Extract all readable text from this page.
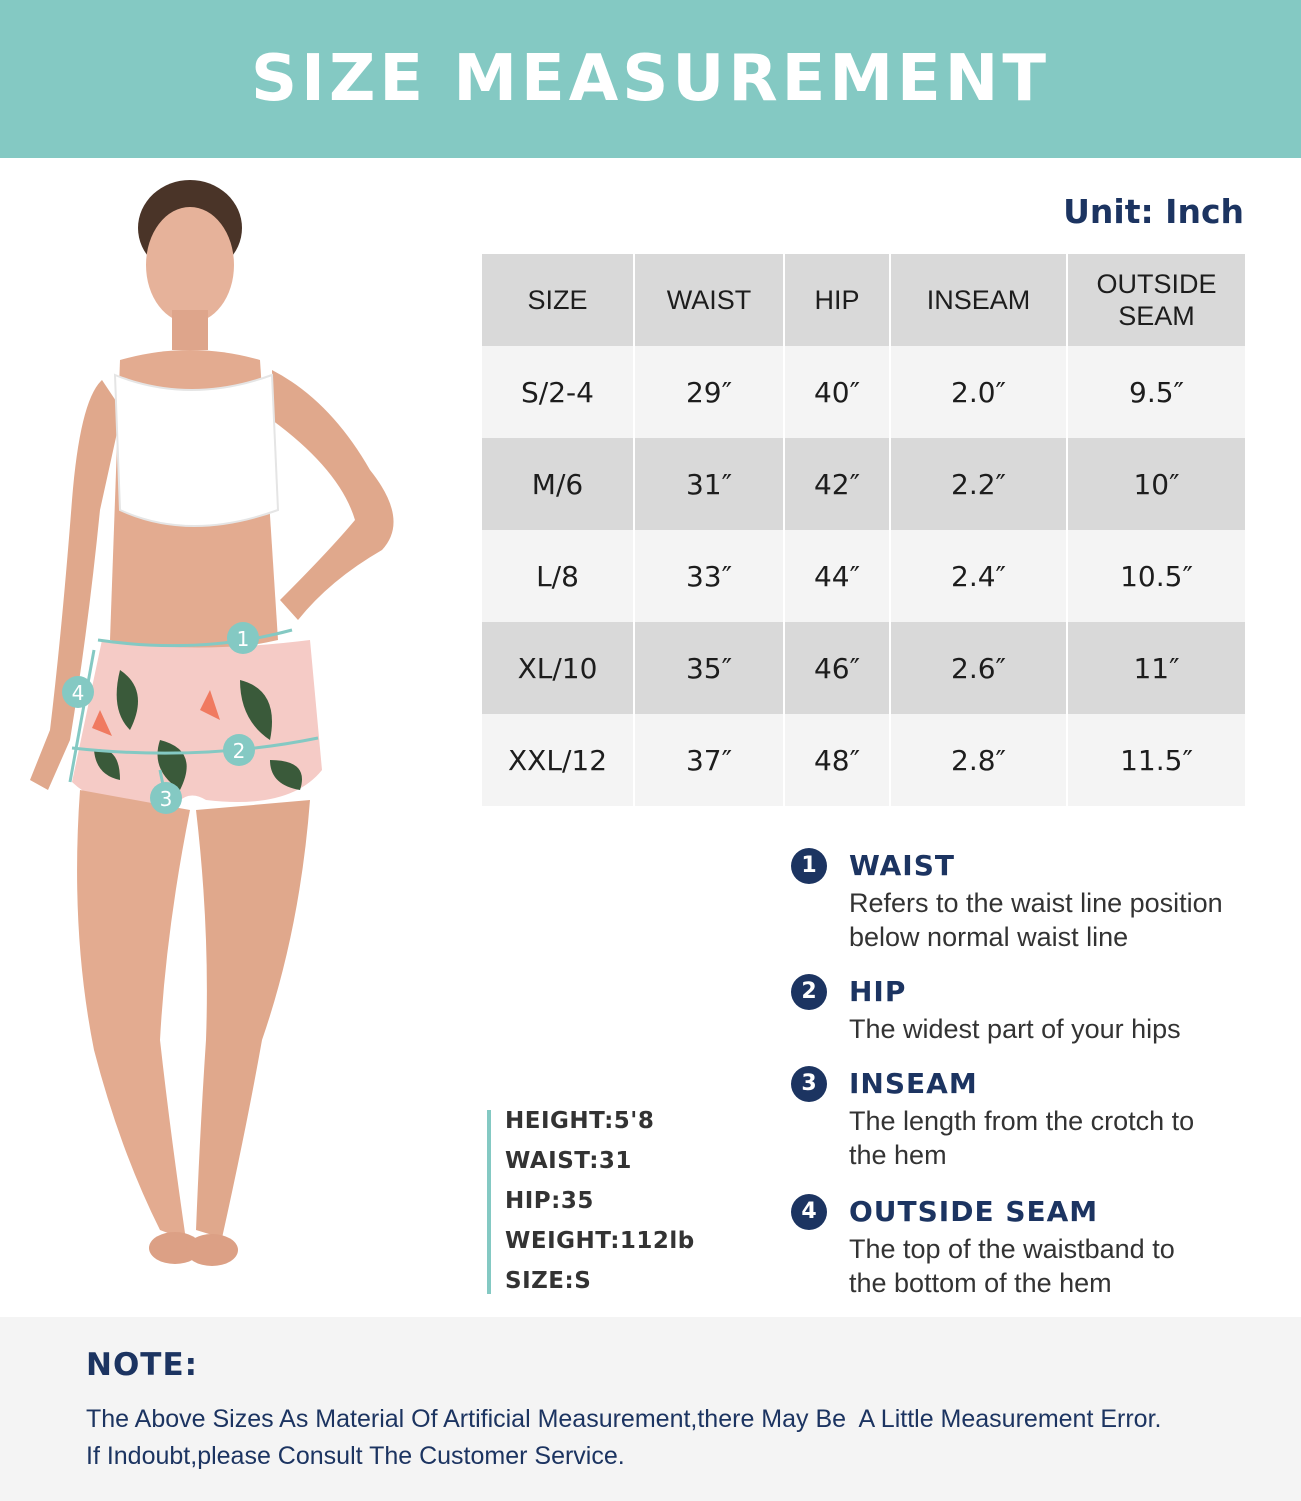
SIZE MEASUREMENT
Unit: Inch
1
2
3
4
SIZE	WAIST	HIP	INSEAM	OUTSIDE
SEAM
S/2-4	29″	40″	2.0″	9.5″
M/6	31″	42″	2.2″	10″
L/8	33″	44″	2.4″	10.5″
XL/10	35″	46″	2.6″	11″
XXL/12	37″	48″	2.8″	11.5″
HEIGHT:5'8
WAIST:31
HIP:35
WEIGHT:112lb
SIZE:S
1	WAIST
Refers to the waist line position
below normal waist line
2	HIP
The widest part of your hips
3	INSEAM
The length from the crotch to
the hem
4	OUTSIDE SEAM
The top of the waistband to
the bottom of the hem
NOTE:
The Above Sizes As Material Of Artificial Measurement,there May Be  A Little Measurement Error.
If Indoubt,please Consult The Customer Service.
